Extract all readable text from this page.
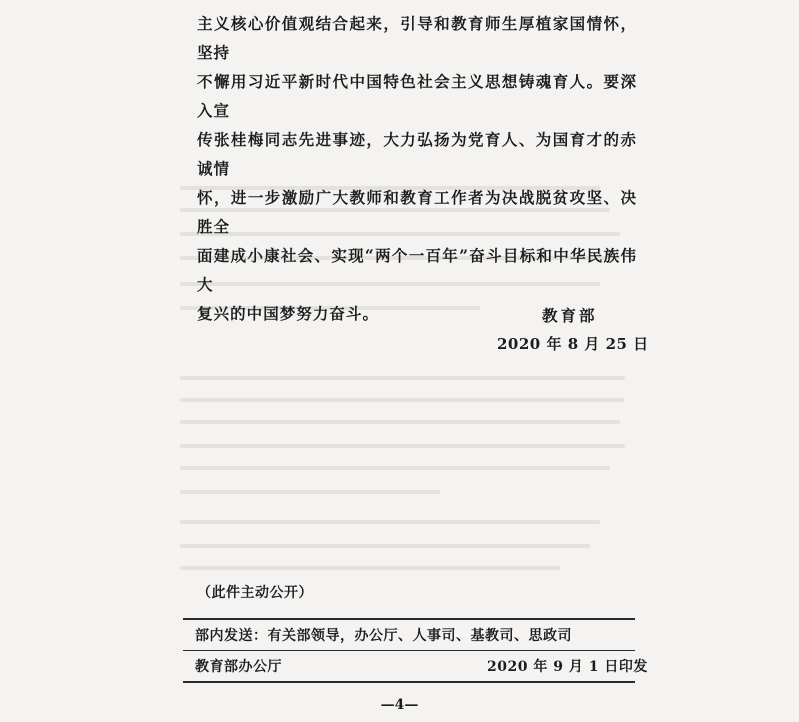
主义核心价值观结合起来，引导和教育师生厚植家国情怀，坚持

不懈用习近平新时代中国特色社会主义思想铸魂育人。要深入宣

传张桂梅同志先进事迹，大力弘扬为党育人、为国育才的赤诚情

怀，进一步激励广大教师和教育工作者为决战脱贫攻坚、决胜全

面建成小康社会、实现“两个一百年”奋斗目标和中华民族伟大

复兴的中国梦努力奋斗。	教育部
2020 年 8 月 25 日
（此件主动公开）
部内发送：有关部领导，办公厅、人事司、基教司、思政司
教育部办公厅	2020 年 9 月 1 日印发
—4—
